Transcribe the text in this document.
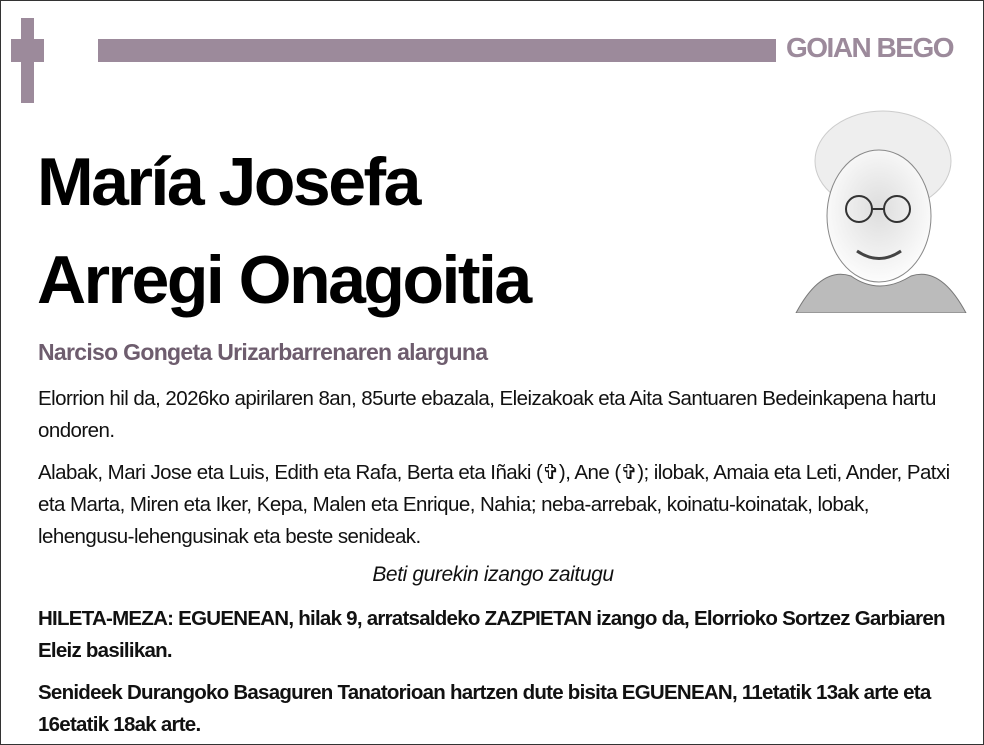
GOIAN BEGO
María Josefa
Arregi Onagoitia
Narciso Gongeta Urizarbarrenaren alarguna
Elorrion hil da, 2026ko apirilaren 8an, 85urte ebazala, Eleizakoak eta Aita Santuaren Bedeinkapena hartu ondoren.
Alabak, Mari Jose eta Luis, Edith eta Rafa, Berta eta Iñaki (✞), Ane (✞); ilobak, Amaia eta Leti, Ander, Patxi eta Marta, Miren eta Iker, Kepa, Malen eta Enrique, Nahia; neba-arrebak, koinatu-koinatak, lobak, lehengusu-lehengusinak eta beste senideak.
Beti gurekin izango zaitugu
HILETA-MEZA: EGUENEAN, hilak 9, arratsaldeko ZAZPIETAN izango da, Elorrioko Sortzez Garbiaren Eleiz basilikan.
Senideek Durangoko Basaguren Tanatorioan hartzen dute bisita EGUENEAN, 11etatik 13ak arte eta 16etatik 18ak arte.
